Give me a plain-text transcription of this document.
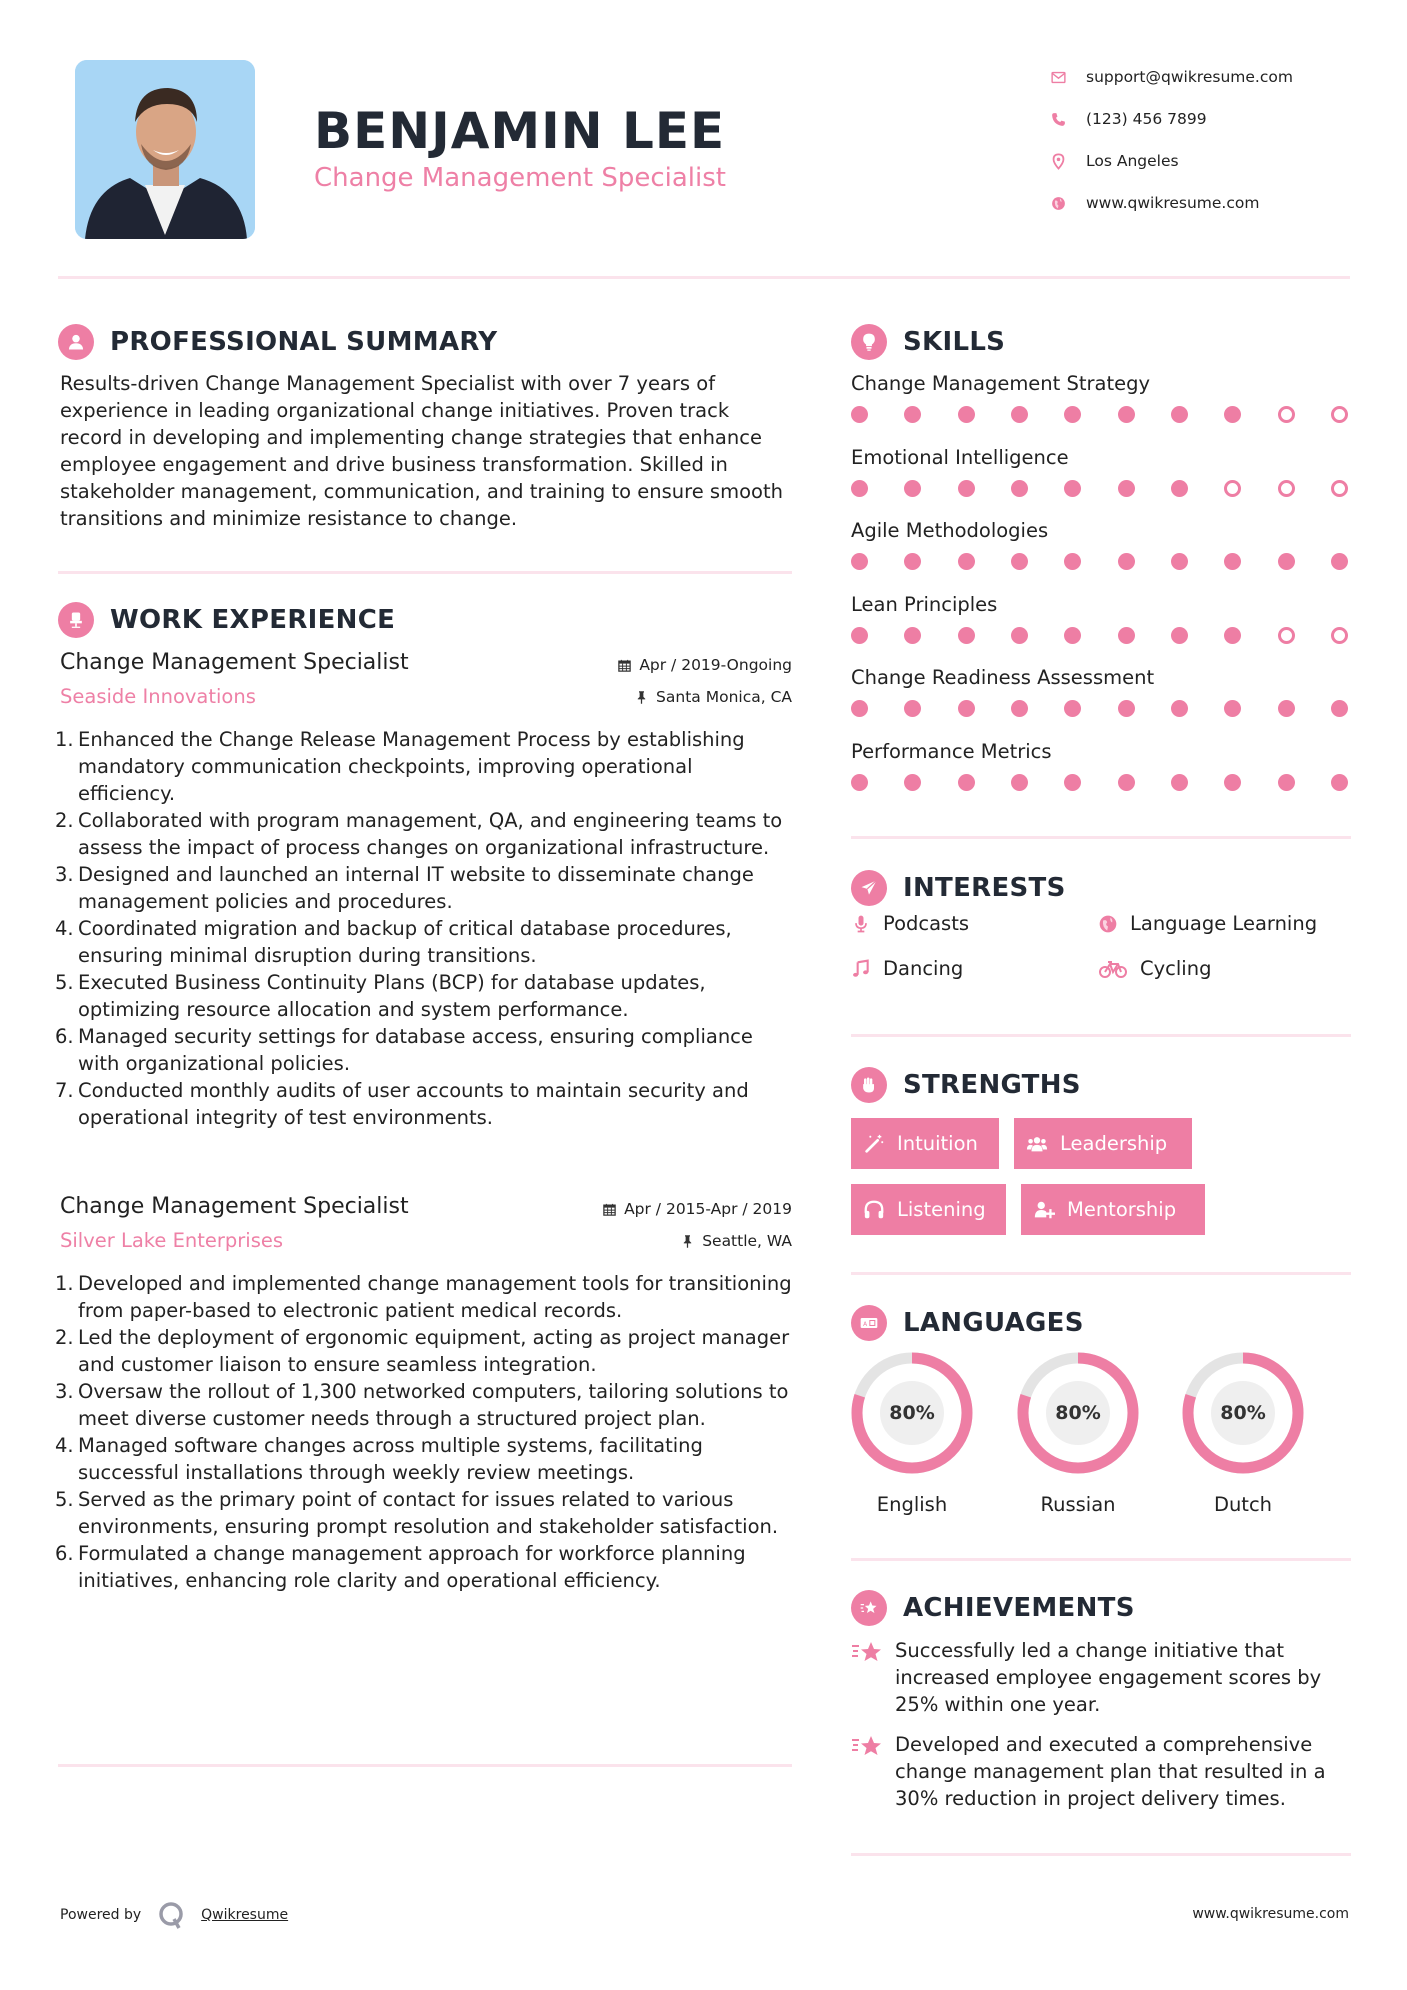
BENJAMIN LEE
Change Management Specialist
support@qwikresume.com
(123) 456 7899
Los Angeles
www.qwikresume.com
PROFESSIONAL SUMMARY
Results-driven Change Management Specialist with over 7 years of experience in leading organizational change initiatives. Proven track record in developing and implementing change strategies that enhance employee engagement and drive business transformation. Skilled in stakeholder management, communication, and training to ensure smooth transitions and minimize resistance to change.
WORK EXPERIENCE
Change Management Specialist
Seaside Innovations
Apr / 2019-Ongoing
Santa Monica, CA
1. Enhanced the Change Release Management Process by establishing mandatory communication checkpoints, improving operational efficiency.
2. Collaborated with program management, QA, and engineering teams to assess the impact of process changes on organizational infrastructure.
3. Designed and launched an internal IT website to disseminate change management policies and procedures.
4. Coordinated migration and backup of critical database procedures, ensuring minimal disruption during transitions.
5. Executed Business Continuity Plans (BCP) for database updates, optimizing resource allocation and system performance.
6. Managed security settings for database access, ensuring compliance with organizational policies.
7. Conducted monthly audits of user accounts to maintain security and operational integrity of test environments.
Change Management Specialist
Silver Lake Enterprises
Apr / 2015-Apr / 2019
Seattle, WA
1. Developed and implemented change management tools for transitioning from paper-based to electronic patient medical records.
2. Led the deployment of ergonomic equipment, acting as project manager and customer liaison to ensure seamless integration.
3. Oversaw the rollout of 1,300 networked computers, tailoring solutions to meet diverse customer needs through a structured project plan.
4. Managed software changes across multiple systems, facilitating successful installations through weekly review meetings.
5. Served as the primary point of contact for issues related to various environments, ensuring prompt resolution and stakeholder satisfaction.
6. Formulated a change management approach for workforce planning initiatives, enhancing role clarity and operational efficiency.
SKILLS
Change Management Strategy
Emotional Intelligence
Agile Methodologies
Lean Principles
Change Readiness Assessment
Performance Metrics
INTERESTS
Podcasts	Language Learning
Dancing	Cycling
STRENGTHS
Intuition	Leadership
Listening	Mentorship
A LANGUAGES
80%
English
80%
Russian
80%
Dutch
ACHIEVEMENTS
Successfully led a change initiative that increased employee engagement scores by 25% within one year.
Developed and executed a comprehensive change management plan that resulted in a 30% reduction in project delivery times.
Powered by	Qwikresume	www.qwikresume.com
